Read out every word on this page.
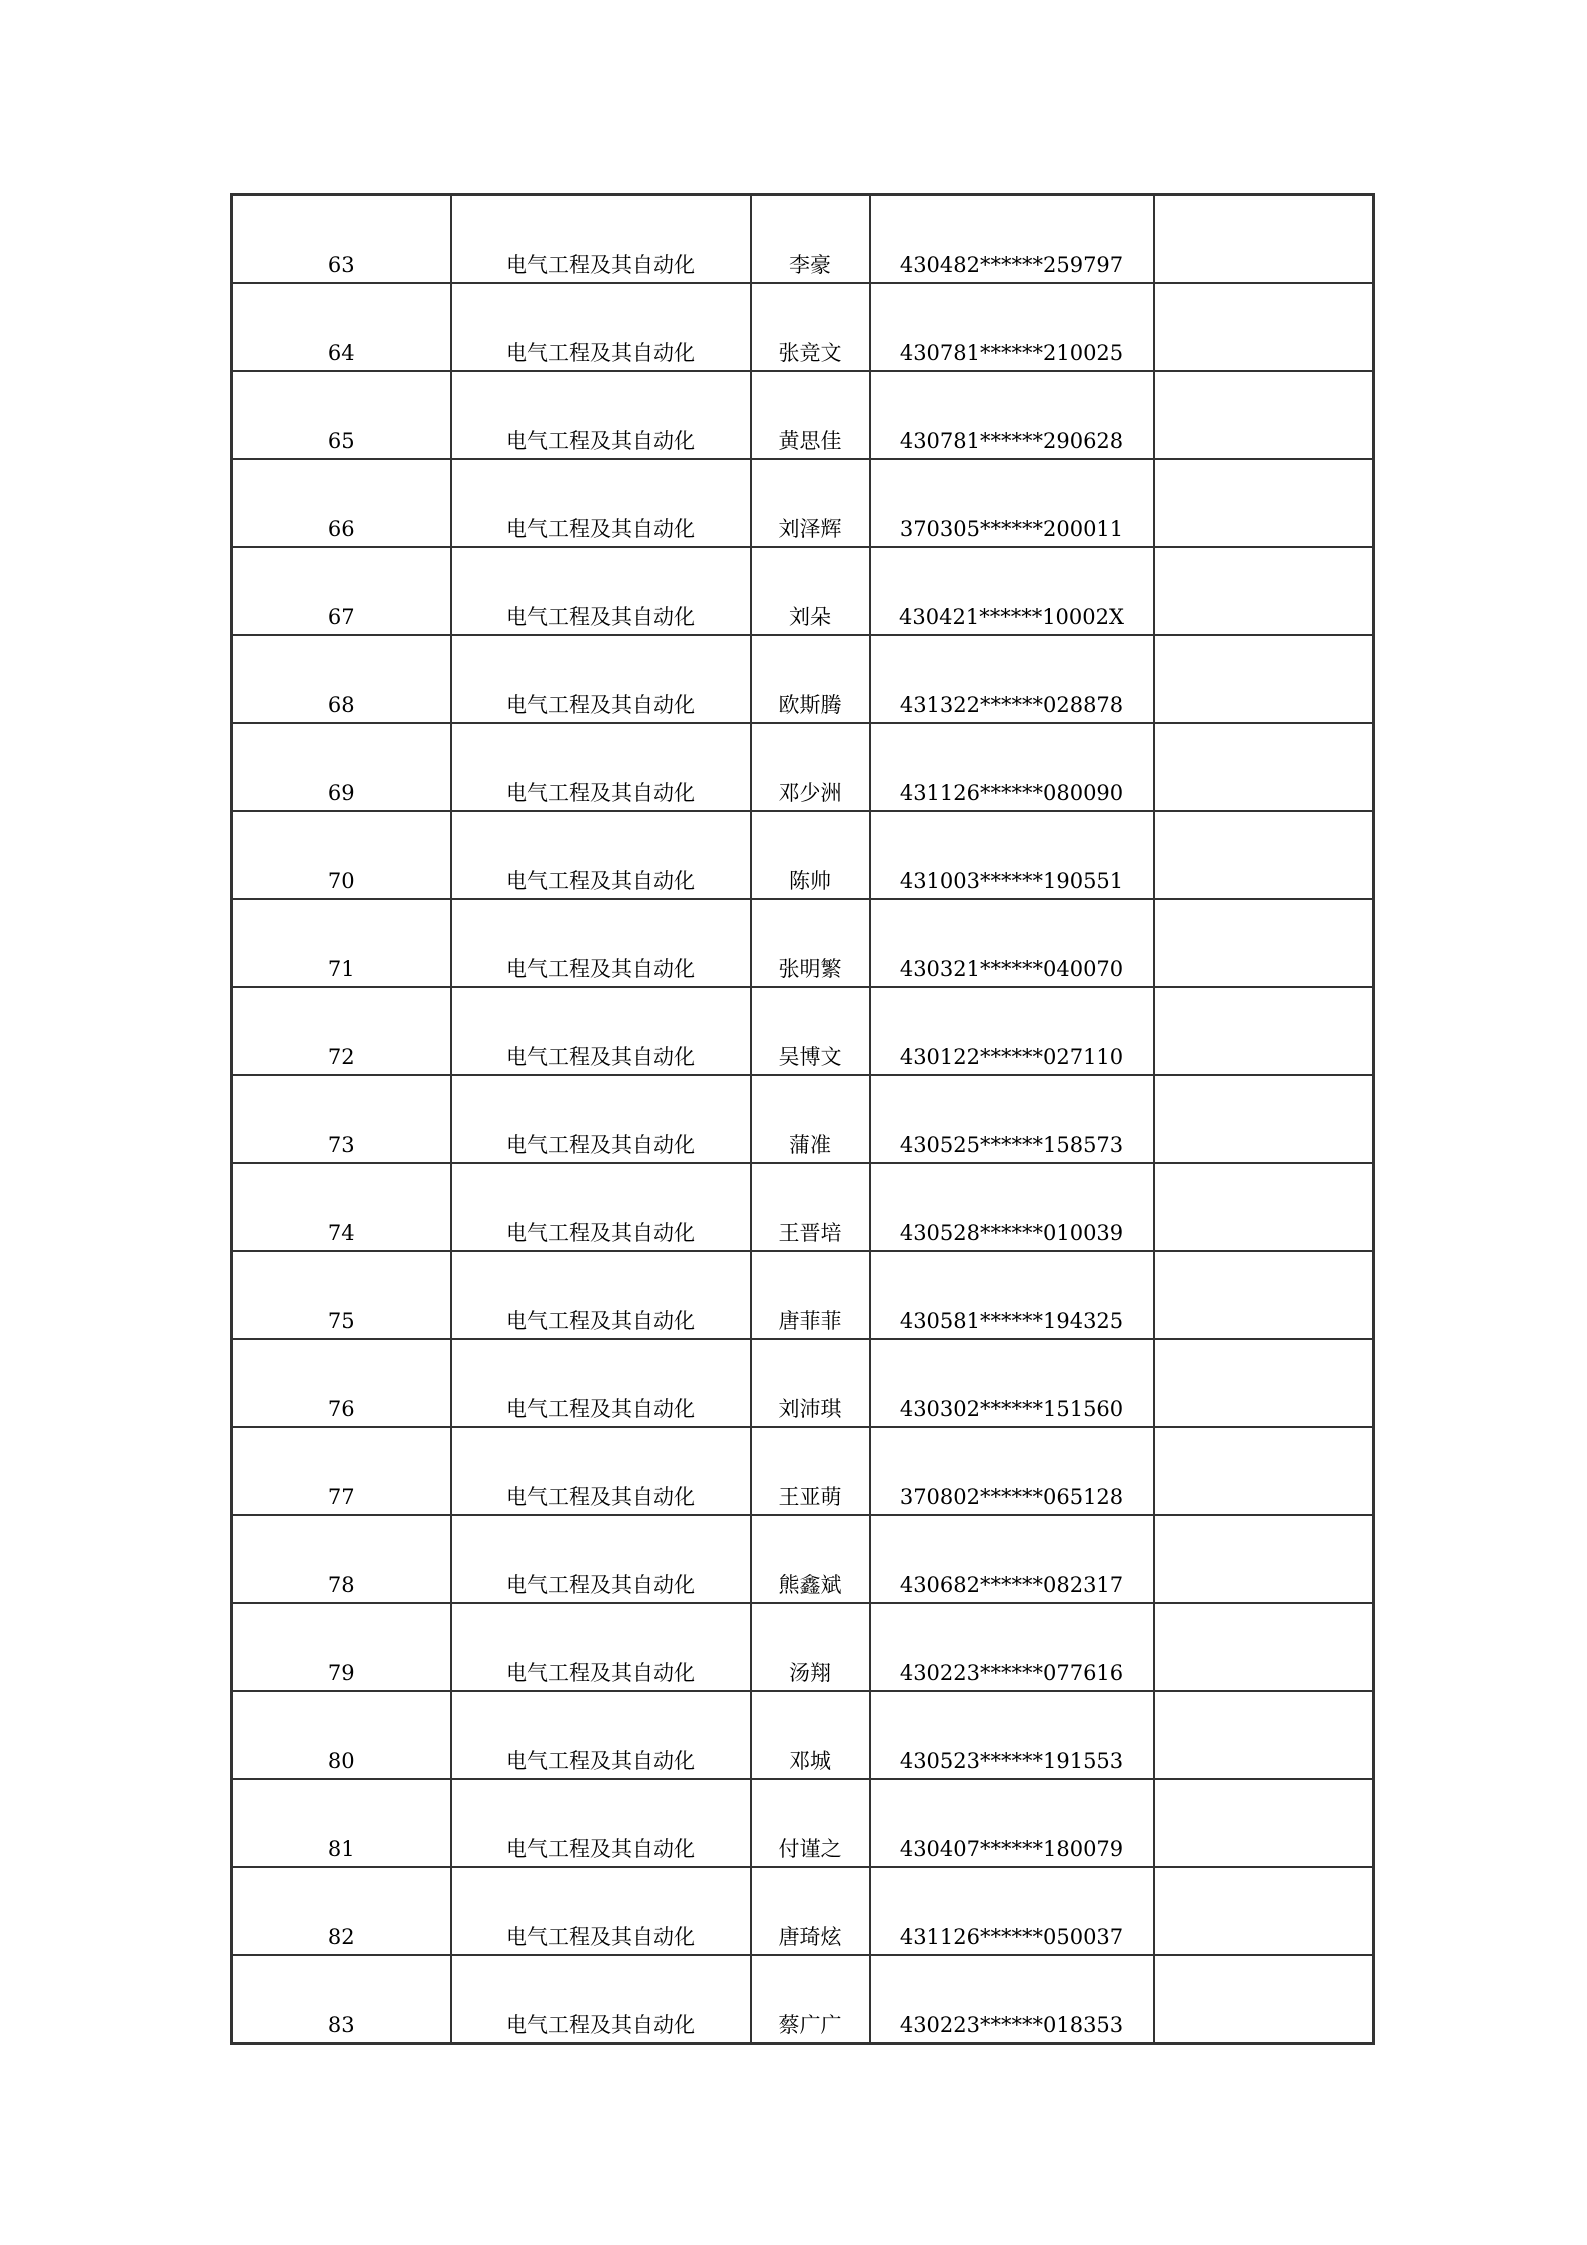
63	电气工程及其自动化	李豪	430482******259797	
64	电气工程及其自动化	张竞文	430781******210025	
65	电气工程及其自动化	黄思佳	430781******290628	
66	电气工程及其自动化	刘泽辉	370305******200011	
67	电气工程及其自动化	刘朵	430421******10002X	
68	电气工程及其自动化	欧斯腾	431322******028878	
69	电气工程及其自动化	邓少洲	431126******080090	
70	电气工程及其自动化	陈帅	431003******190551	
71	电气工程及其自动化	张明繁	430321******040070	
72	电气工程及其自动化	吴博文	430122******027110	
73	电气工程及其自动化	蒲准	430525******158573	
74	电气工程及其自动化	王晋培	430528******010039	
75	电气工程及其自动化	唐菲菲	430581******194325	
76	电气工程及其自动化	刘沛琪	430302******151560	
77	电气工程及其自动化	王亚萌	370802******065128	
78	电气工程及其自动化	熊鑫斌	430682******082317	
79	电气工程及其自动化	汤翔	430223******077616	
80	电气工程及其自动化	邓城	430523******191553	
81	电气工程及其自动化	付谨之	430407******180079	
82	电气工程及其自动化	唐琦炫	431126******050037	
83	电气工程及其自动化	蔡广广	430223******018353	
